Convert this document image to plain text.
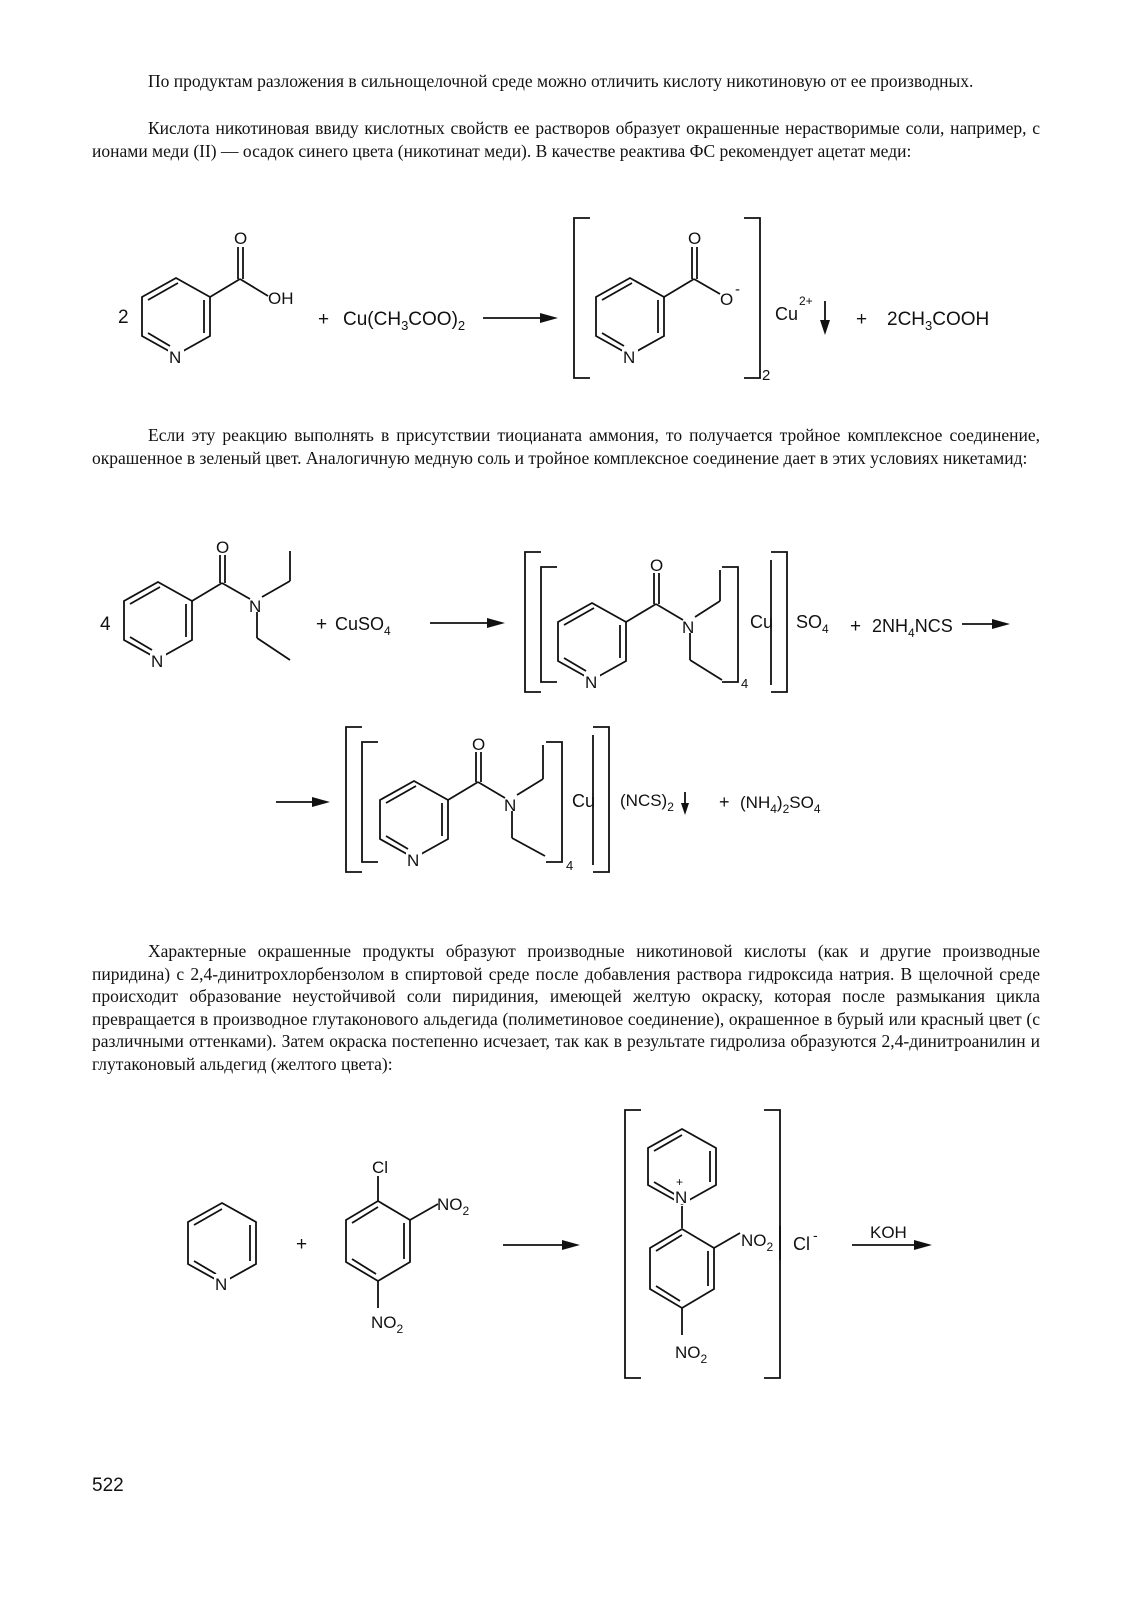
По продуктам разложения в сильнощелочной среде можно отличить кислоту никотиновую от ее производных.

Кислота никотиновая ввиду кислотных свойств ее растворов образует окрашенные нерастворимые соли, например, с ионами меди (II) — осадок синего цвета (никотинат меди). В качестве реактива ФС рекомендует ацетат меди:

Если эту реакцию выполнять в присутствии тиоцианата аммония, то получается тройное комплексное соединение, окрашенное в зеленый цвет. Аналогичную медную соль и тройное комплексное соединение дает в этих условиях никетамид:

Характерные окрашенные продукты образуют производные никотиновой кислоты (как и другие производные пиридина) с 2,4-динитрохлорбензолом в спиртовой среде после добавления раствора гидроксида натрия. В щелочной среде происходит образование неустойчивой соли пиридиния, имеющей желтую окраску, которая после размыкания цикла превращается в производное глутаконового альдегида (полиметиновое соединение), окрашенное в бурый или красный цвет (с различными оттенками). Затем окраска постепенно исчезает, так как в результате гидролиза образуются 2,4-динитроанилин и глутаконовый альдегид (желтого цвета):

2
O
OH
N
+ $Cu(CH_3COO)_2$
2
O
O
-
N
Cu
2+
+ $2CH_3COOH$
4
O
N
N
+ CuSO$_4$
4
O
N
N
Cu $SO_4 + 2NH_4NCS$
4
O
N
N
Cu $(NCS)_2$	+ $(NH_4)_2SO_4$
N
+
Cl
$NO_2$
$NO_2$
N
+
$NO_2$
$NO_2$
Cl -	KOH
522
